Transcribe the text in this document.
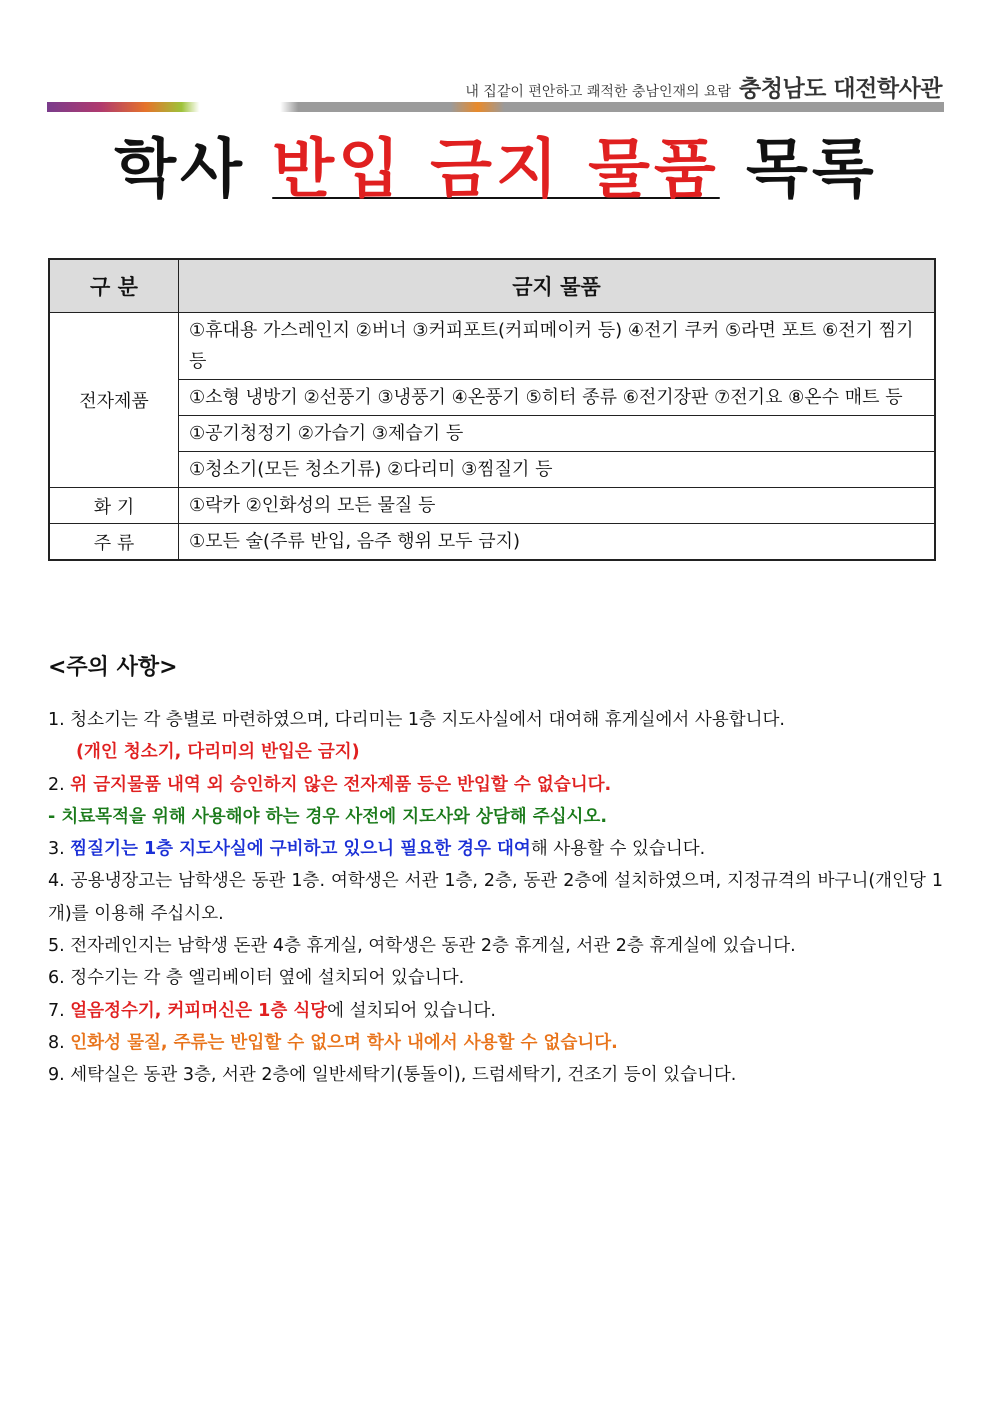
내 집같이 편안하고 쾌적한 충남인재의 요람 충청남도 대전학사관
학사 반입 금지 물품 목록
구 분	금지 물품
전자제품	①휴대용 가스레인지 ②버너 ③커피포트(커피메이커 등) ④전기 쿠커 ⑤라면 포트 ⑥전기 찜기 등
	①소형 냉방기 ②선풍기 ③냉풍기 ④온풍기 ⑤히터 종류 ⑥전기장판 ⑦전기요 ⑧온수 매트 등
	①공기청정기 ②가습기 ③제습기 등
	①청소기(모든 청소기류) ②다리미 ③찜질기 등
화 기	①락카 ②인화성의 모든 물질 등
주 류	①모든 술(주류 반입, 음주 행위 모두 금지)
<주의 사항>

1. 청소기는 각 층별로 마련하였으며, 다리미는 1층 지도사실에서 대여해 휴게실에서 사용합니다.

(개인 청소기, 다리미의 반입은 금지)

2. 위 금지물품 내역 외 승인하지 않은 전자제품 등은 반입할 수 없습니다.

- 치료목적을 위해 사용해야 하는 경우 사전에 지도사와 상담해 주십시오.

3. 찜질기는 1층 지도사실에 구비하고 있으니 필요한 경우 대여해 사용할 수 있습니다.

4. 공용냉장고는 남학생은 동관 1층. 여학생은 서관 1층, 2층, 동관 2층에 설치하였으며, 지정규격의 바구니(개인당 1개)를 이용해 주십시오.

5. 전자레인지는 남학생 돈관 4층 휴게실, 여학생은 동관 2층 휴게실, 서관 2층 휴게실에 있습니다.

6. 정수기는 각 층 엘리베이터 옆에 설치되어 있습니다.

7. 얼음정수기, 커피머신은 1층 식당에 설치되어 있습니다.

8. 인화성 물질, 주류는 반입할 수 없으며 학사 내에서 사용할 수 없습니다.

9. 세탁실은 동관 3층, 서관 2층에 일반세탁기(통돌이), 드럼세탁기, 건조기 등이 있습니다.
